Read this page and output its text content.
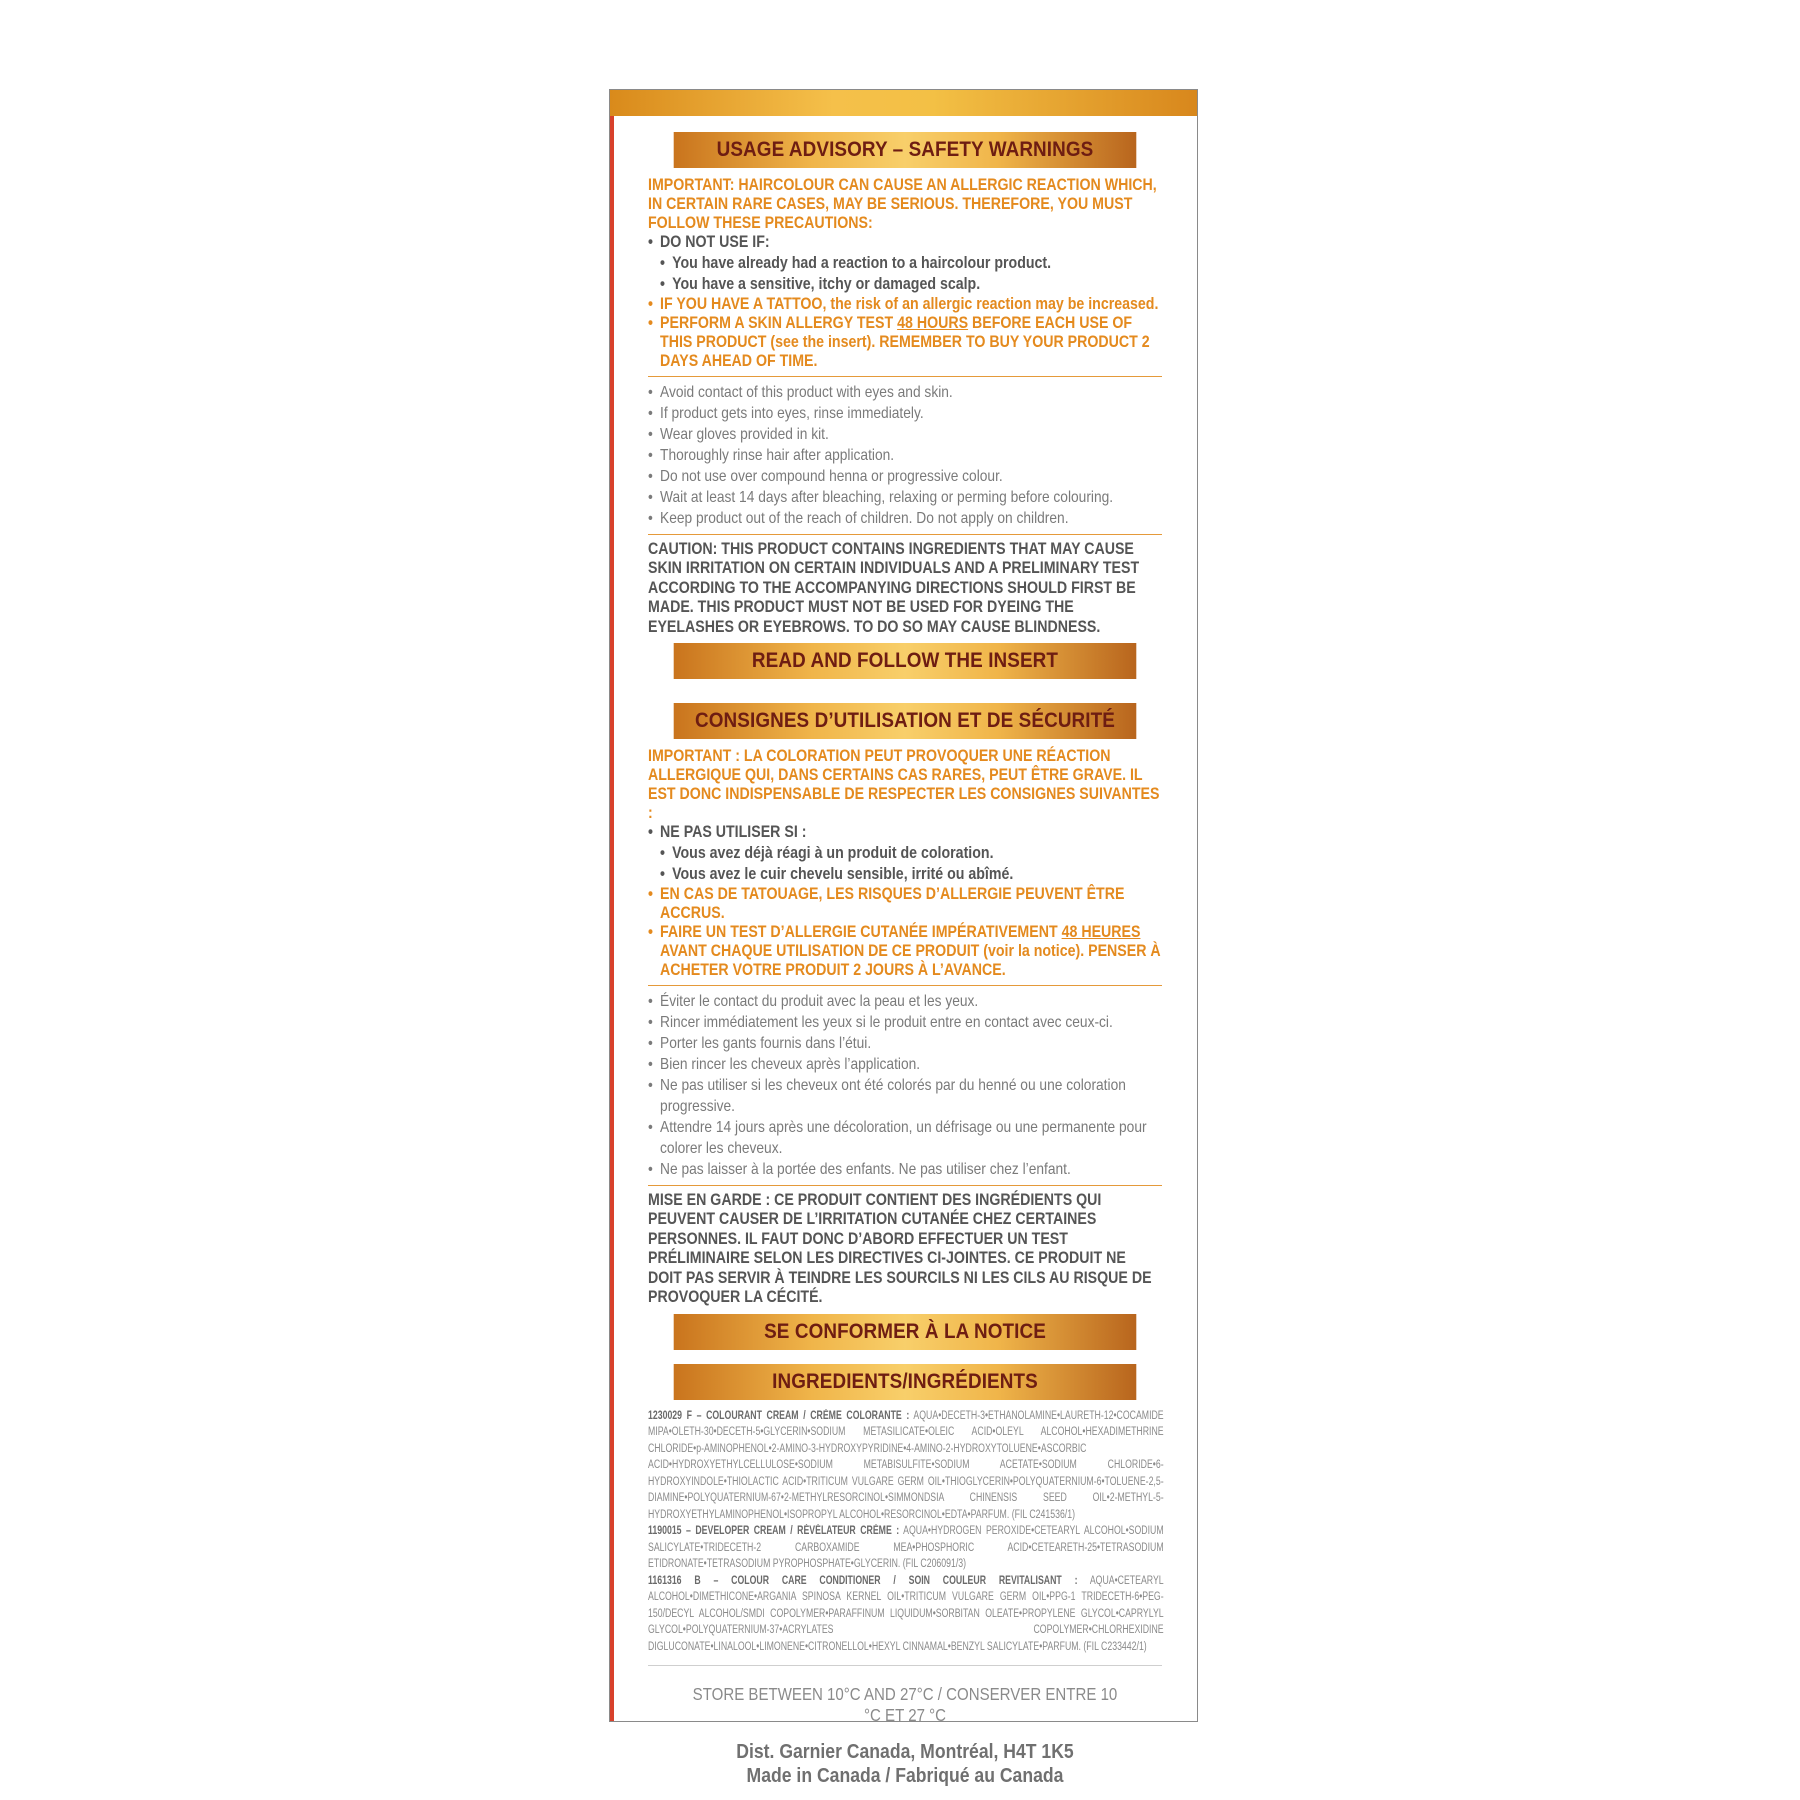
USAGE ADVISORY – SAFETY WARNINGS
IMPORTANT: HAIRCOLOUR CAN CAUSE AN ALLERGIC REACTION WHICH, IN CERTAIN RARE CASES, MAY BE SERIOUS. THEREFORE, YOU MUST FOLLOW THESE PRECAUTIONS:
• DO NOT USE IF:
• You have already had a reaction to a haircolour product.
• You have a sensitive, itchy or damaged scalp.
• IF YOU HAVE A TATTOO, the risk of an allergic reaction may be increased.
• PERFORM A SKIN ALLERGY TEST 48 HOURS BEFORE EACH USE OF THIS PRODUCT (see the insert). REMEMBER TO BUY YOUR PRODUCT 2 DAYS AHEAD OF TIME.
• Avoid contact of this product with eyes and skin.
• If product gets into eyes, rinse immediately.
• Wear gloves provided in kit.
• Thoroughly rinse hair after application.
• Do not use over compound henna or progressive colour.
• Wait at least 14 days after bleaching, relaxing or perming before colouring.
• Keep product out of the reach of children. Do not apply on children.
CAUTION: THIS PRODUCT CONTAINS INGREDIENTS THAT MAY CAUSE SKIN IRRITATION ON CERTAIN INDIVIDUALS AND A PRELIMINARY TEST ACCORDING TO THE ACCOMPANYING DIRECTIONS SHOULD FIRST BE MADE. THIS PRODUCT MUST NOT BE USED FOR DYEING THE EYELASHES OR EYEBROWS. TO DO SO MAY CAUSE BLINDNESS.
READ AND FOLLOW THE INSERT
CONSIGNES D’UTILISATION ET DE SÉCURITÉ
IMPORTANT : LA COLORATION PEUT PROVOQUER UNE RÉACTION ALLERGIQUE QUI, DANS CERTAINS CAS RARES, PEUT ÊTRE GRAVE. IL EST DONC INDISPENSABLE DE RESPECTER LES CONSIGNES SUIVANTES :
• NE PAS UTILISER SI :
• Vous avez déjà réagi à un produit de coloration.
• Vous avez le cuir chevelu sensible, irrité ou abîmé.
• EN CAS DE TATOUAGE, LES RISQUES D’ALLERGIE PEUVENT ÊTRE ACCRUS.
• FAIRE UN TEST D’ALLERGIE CUTANÉE IMPÉRATIVEMENT 48 HEURES AVANT CHAQUE UTILISATION DE CE PRODUIT (voir la notice). PENSER À ACHETER VOTRE PRODUIT 2 JOURS À L’AVANCE.
• Éviter le contact du produit avec la peau et les yeux.
• Rincer immédiatement les yeux si le produit entre en contact avec ceux-ci.
• Porter les gants fournis dans l’étui.
• Bien rincer les cheveux après l’application.
• Ne pas utiliser si les cheveux ont été colorés par du henné ou une coloration progressive.
• Attendre 14 jours après une décoloration, un défrisage ou une permanente pour colorer les cheveux.
• Ne pas laisser à la portée des enfants. Ne pas utiliser chez l’enfant.
MISE EN GARDE : CE PRODUIT CONTIENT DES INGRÉDIENTS QUI PEUVENT CAUSER DE L’IRRITATION CUTANÉE CHEZ CERTAINES PERSONNES. IL FAUT DONC D’ABORD EFFECTUER UN TEST PRÉLIMINAIRE SELON LES DIRECTIVES CI-JOINTES. CE PRODUIT NE DOIT PAS SERVIR À TEINDRE LES SOURCILS NI LES CILS AU RISQUE DE PROVOQUER LA CÉCITÉ.
SE CONFORMER À LA NOTICE
INGREDIENTS/INGRÉDIENTS
1230029 F – COLOURANT CREAM / CRÈME COLORANTE : AQUA•DECETH-3•ETHANOLAMINE•LAURETH-12•COCAMIDE MIPA•OLETH-30•DECETH-5•GLYCERIN•SODIUM METASILICATE•OLEIC ACID•OLEYL ALCOHOL•HEXADIMETHRINE CHLORIDE•p-AMINOPHENOL•2-AMINO-3-HYDROXYPYRIDINE•4-AMINO-2-HYDROXYTOLUENE•ASCORBIC ACID•HYDROXYETHYLCELLULOSE•SODIUM METABISULFITE•SODIUM ACETATE•SODIUM CHLORIDE•6-HYDROXYINDOLE•THIOLACTIC ACID•TRITICUM VULGARE GERM OIL•THIOGLYCERIN•POLYQUATERNIUM-6•TOLUENE-2,5-DIAMINE•POLYQUATERNIUM-67•2-METHYLRESORCINOL•SIMMONDSIA CHINENSIS SEED OIL•2-METHYL-5-HYDROXYETHYLAMINOPHENOL•ISOPROPYL ALCOHOL•RESORCINOL•EDTA•PARFUM. (FIL C241536/1)
1190015 – DEVELOPER CREAM / RÉVÉLATEUR CRÈME : AQUA•HYDROGEN PEROXIDE•CETEARYL ALCOHOL•SODIUM SALICYLATE•TRIDECETH-2 CARBOXAMIDE MEA•PHOSPHORIC ACID•CETEARETH-25•TETRASODIUM ETIDRONATE•TETRASODIUM PYROPHOSPHATE•GLYCERIN. (FIL C206091/3)
1161316 B – COLOUR CARE CONDITIONER / SOIN COULEUR REVITALISANT : AQUA•CETEARYL ALCOHOL•DIMETHICONE•ARGANIA SPINOSA KERNEL OIL•TRITICUM VULGARE GERM OIL•PPG-1 TRIDECETH-6•PEG-150/DECYL ALCOHOL/SMDI COPOLYMER•PARAFFINUM LIQUIDUM•SORBITAN OLEATE•PROPYLENE GLYCOL•CAPRYLYL GLYCOL•POLYQUATERNIUM-37•ACRYLATES COPOLYMER•CHLORHEXIDINE DIGLUCONATE•LINALOOL•LIMONENE•CITRONELLOL•HEXYL CINNAMAL•BENZYL SALICYLATE•PARFUM. (FIL C233442/1)
STORE BETWEEN 10°C AND 27°C / CONSERVER ENTRE 10 °C ET 27 °C
Dist. Garnier Canada, Montréal, H4T 1K5
Made in Canada / Fabriqué au Canada
